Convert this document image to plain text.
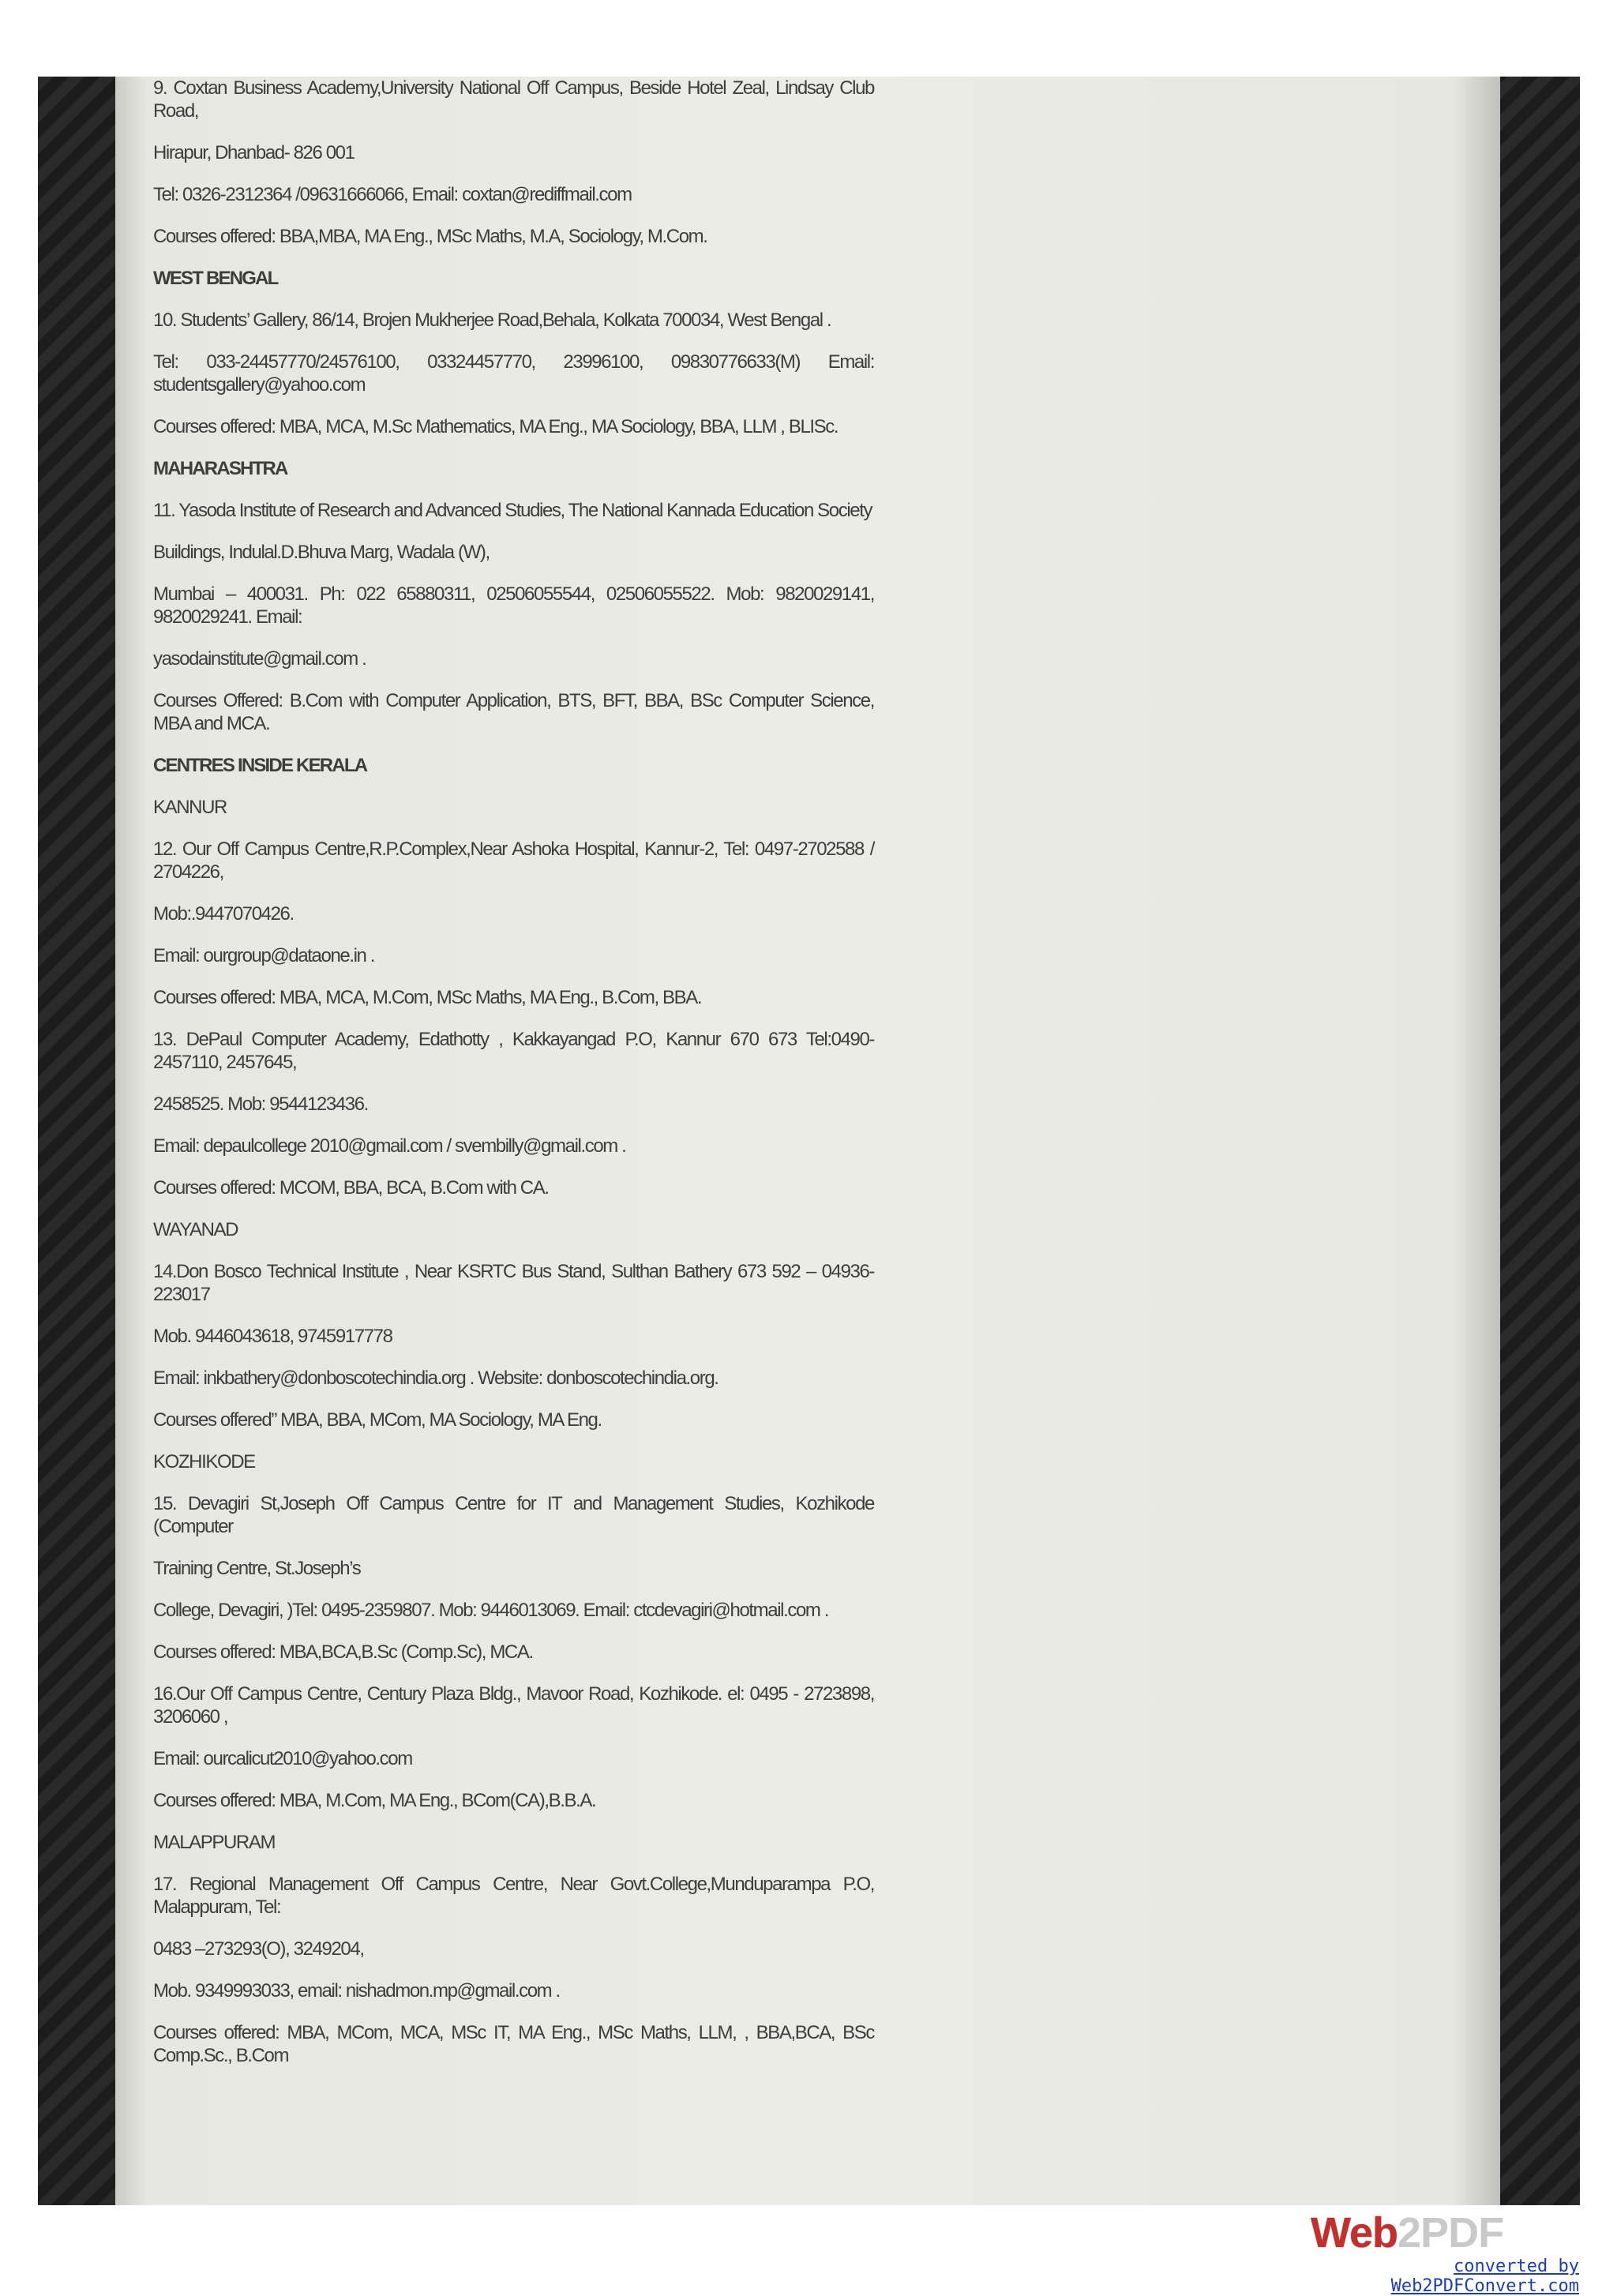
9. Coxtan Business Academy,University National Off Campus, Beside Hotel Zeal, Lindsay Club Road,

Hirapur, Dhanbad- 826 001

Tel: 0326-2312364 /09631666066, Email: coxtan@rediffmail.com

Courses offered: BBA,MBA, MA Eng., MSc Maths, M.A, Sociology, M.Com.

WEST BENGAL

10. Students’ Gallery, 86/14, Brojen Mukherjee Road,Behala, Kolkata 700034, West Bengal .

Tel: 033-24457770/24576100, 03324457770, 23996100, 09830776633(M) Email: studentsgallery@yahoo.com

Courses offered: MBA, MCA, M.Sc Mathematics, MA Eng., MA Sociology, BBA, LLM , BLISc.

MAHARASHTRA

11. Yasoda Institute of Research and Advanced Studies, The National Kannada Education Society

Buildings, Indulal.D.Bhuva Marg, Wadala (W),

Mumbai – 400031. Ph: 022 65880311, 02506055544, 02506055522. Mob: 9820029141, 9820029241. Email:

yasodainstitute@gmail.com .

Courses Offered: B.Com with Computer Application, BTS, BFT, BBA, BSc Computer Science, MBA and MCA.

CENTRES INSIDE KERALA

KANNUR

12. Our Off Campus Centre,R.P.Complex,Near Ashoka Hospital, Kannur-2, Tel: 0497-2702588 / 2704226,

Mob:.9447070426.

Email: ourgroup@dataone.in .

Courses offered: MBA, MCA, M.Com, MSc Maths, MA Eng., B.Com, BBA.

13. DePaul Computer Academy, Edathotty , Kakkayangad P.O, Kannur 670 673 Tel:0490-2457110, 2457645,

2458525. Mob: 9544123436.

Email: depaulcollege 2010@gmail.com / svembilly@gmail.com .

Courses offered: MCOM, BBA, BCA, B.Com with CA.

WAYANAD

14.Don Bosco Technical Institute , Near KSRTC Bus Stand, Sulthan Bathery 673 592 – 04936-223017

Mob. 9446043618, 9745917778

Email: inkbathery@donboscotechindia.org . Website: donboscotechindia.org.

Courses offered” MBA, BBA, MCom, MA Sociology, MA Eng.

KOZHIKODE

15. Devagiri St,Joseph Off Campus Centre for IT and Management Studies, Kozhikode (Computer

Training Centre, St.Joseph’s

College, Devagiri, )Tel: 0495-2359807. Mob: 9446013069. Email: ctcdevagiri@hotmail.com .

Courses offered: MBA,BCA,B.Sc (Comp.Sc), MCA.

16.Our Off Campus Centre, Century Plaza Bldg., Mavoor Road, Kozhikode. el: 0495 - 2723898, 3206060 ,

Email: ourcalicut2010@yahoo.com

Courses offered: MBA, M.Com, MA Eng., BCom(CA),B.B.A.

MALAPPURAM

17. Regional Management Off Campus Centre, Near Govt.College,Munduparampa P.O, Malappuram, Tel:

0483 –273293(O), 3249204,

Mob. 9349993033, email: nishadmon.mp@gmail.com .

Courses offered: MBA, MCom, MCA, MSc IT, MA Eng., MSc Maths, LLM, , BBA,BCA, BSc Comp.Sc., B.Com

Web2PDF
converted by Web2PDFConvert.com
